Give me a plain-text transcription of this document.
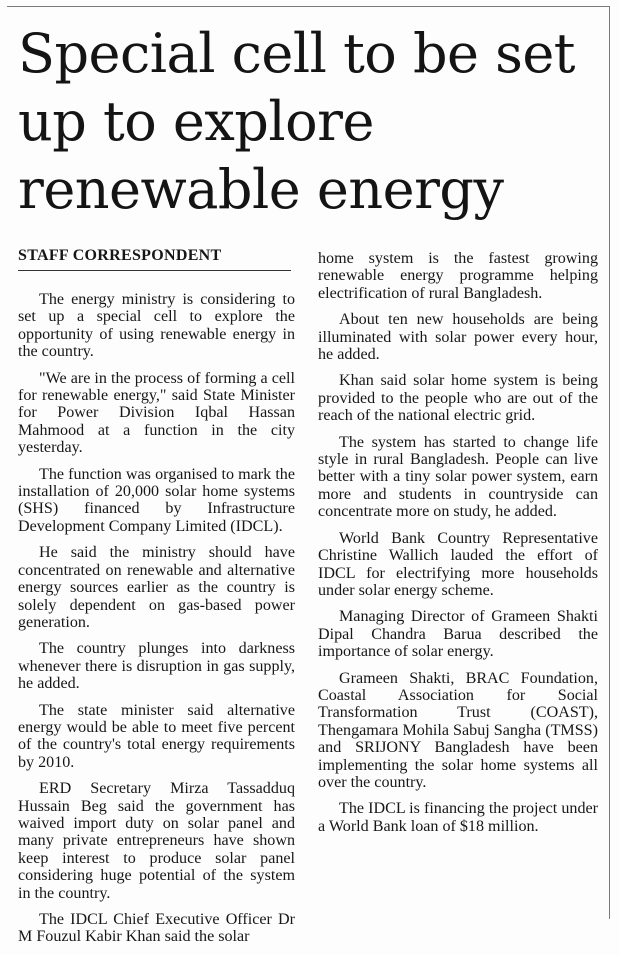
Special cell to be set up to explore renewable energy
STAFF CORRESPONDENT

The energy ministry is considering to set up a special cell to explore the opportunity of using renewable energy in the country.

"We are in the process of forming a cell for renewable energy," said State Minister for Power Division Iqbal Hassan Mahmood at a function in the city yesterday.

The function was organised to mark the installation of 20,000 solar home systems (SHS) financed by Infrastructure Development Company Limited (IDCL).

He said the ministry should have concentrated on renewable and alternative energy sources earlier as the country is solely dependent on gas-based power generation.

The country plunges into darkness whenever there is disruption in gas supply, he added.

The state minister said alternative energy would be able to meet five percent of the country's total energy requirements by 2010.

ERD Secretary Mirza Tassadduq Hussain Beg said the government has waived import duty on solar panel and many private entrepreneurs have shown keep interest to produce solar panel considering huge potential of the system in the country.

The IDCL Chief Executive Officer Dr M Fouzul Kabir Khan said the solar

home system is the fastest growing renewable energy programme helping electrification of rural Bangladesh.

About ten new households are being illuminated with solar power every hour, he added.

Khan said solar home system is being provided to the people who are out of the reach of the national electric grid.

The system has started to change life style in rural Bangladesh. People can live better with a tiny solar power system, earn more and students in countryside can concentrate more on study, he added.

World Bank Country Representative Christine Wallich lauded the effort of IDCL for electrifying more households under solar energy scheme.

Managing Director of Grameen Shakti Dipal Chandra Barua described the importance of solar energy.

Grameen Shakti, BRAC Foundation, Coastal Association for Social Transformation Trust (COAST), Thengamara Mohila Sabuj Sangha (TMSS) and SRIJONY Bangladesh have been implementing the solar home systems all over the country.

The IDCL is financing the project under a World Bank loan of $18 million.
